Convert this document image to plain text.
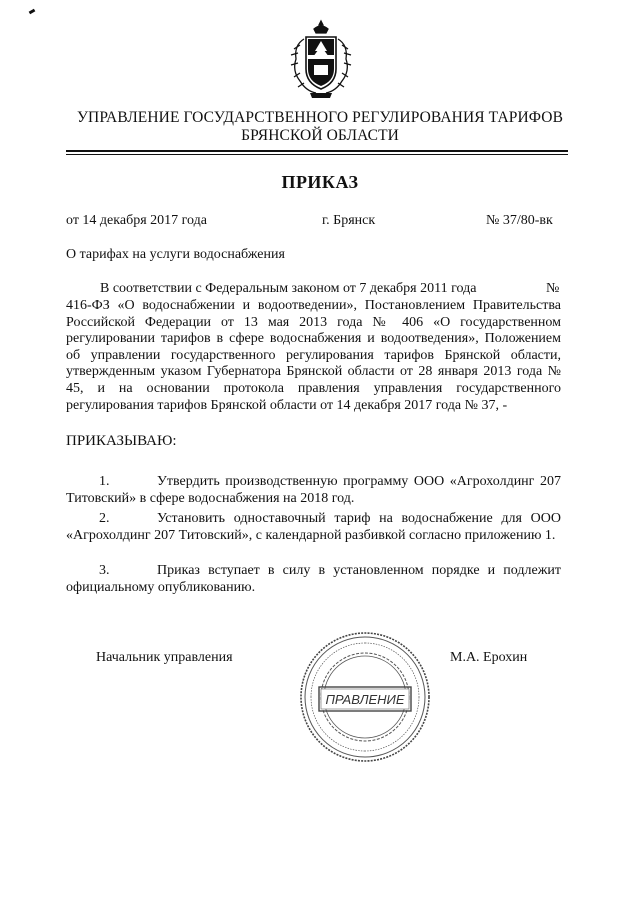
УПРАВЛЕНИЕ ГОСУДАРСТВЕННОГО РЕГУЛИРОВАНИЯ ТАРИФОВ
БРЯНСКОЙ ОБЛАСТИ
ПРИКАЗ
от 14 декабря 2017 года	г. Брянск	№ 37/80-вк
О тарифах на услуги водоснабжения
В соответствии с Федеральным законом от 7 декабря 2011 года	№
416-ФЗ «О водоснабжении и водоотведении», Постановлением Правительства Российской Федерации от 13 мая 2013 года № 406 «О государственном регулировании тарифов в сфере водоснабжения и водоотведения», Положением об управлении государственного регулирования тарифов Брянской области, утвержденным указом Губернатора Брянской области от 28 января 2013 года № 45, и на основании протокола правления управления государственного регулирования тарифов Брянской области от 14 декабря 2017 года № 37, -
ПРИКАЗЫВАЮ:
1.	Утвердить производственную программу ООО «Агрохолдинг 207 Титовский» в сфере водоснабжения на 2018 год.
2.	Установить одноставочный тариф на водоснабжение для ООО «Агрохолдинг 207 Титовский», с календарной разбивкой согласно приложению 1.
3.	Приказ вступает в силу в установленном порядке и подлежит официальному опубликованию.
Начальник управления	М.А. Ерохин
ПРАВЛЕНИЕ
